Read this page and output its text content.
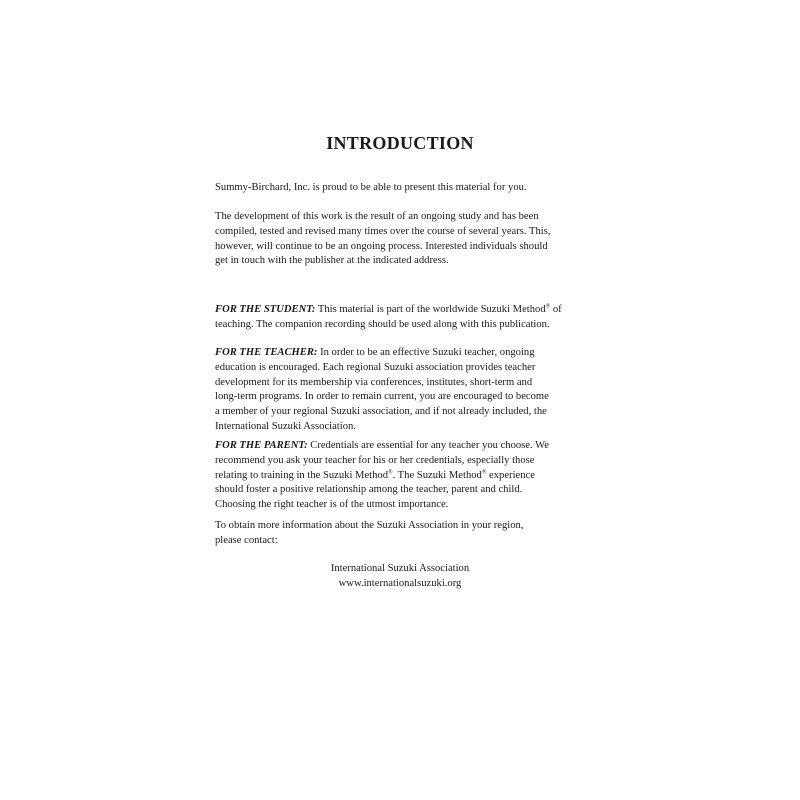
INTRODUCTION

Summy-Birchard, Inc. is proud to be able to present this material for you.

The development of this work is the result of an ongoing study and has been
compiled, tested and revised many times over the course of several years. This,
however, will continue to be an ongoing process. Interested individuals should
get in touch with the publisher at the indicated address.

FOR THE STUDENT: This material is part of the worldwide Suzuki Method® of
teaching. The companion recording should be used along with this publication.

FOR THE TEACHER: In order to be an effective Suzuki teacher, ongoing
education is encouraged. Each regional Suzuki association provides teacher
development for its membership via conferences, institutes, short-term and
long-term programs. In order to remain current, you are encouraged to become
a member of your regional Suzuki association, and if not already included, the
International Suzuki Association.

FOR THE PARENT: Credentials are essential for any teacher you choose. We
recommend you ask your teacher for his or her credentials, especially those
relating to training in the Suzuki Method®. The Suzuki Method® experience
should foster a positive relationship among the teacher, parent and child.
Choosing the right teacher is of the utmost importance.

To obtain more information about the Suzuki Association in your region,
please contact:

International Suzuki Association
www.internationalsuzuki.org
